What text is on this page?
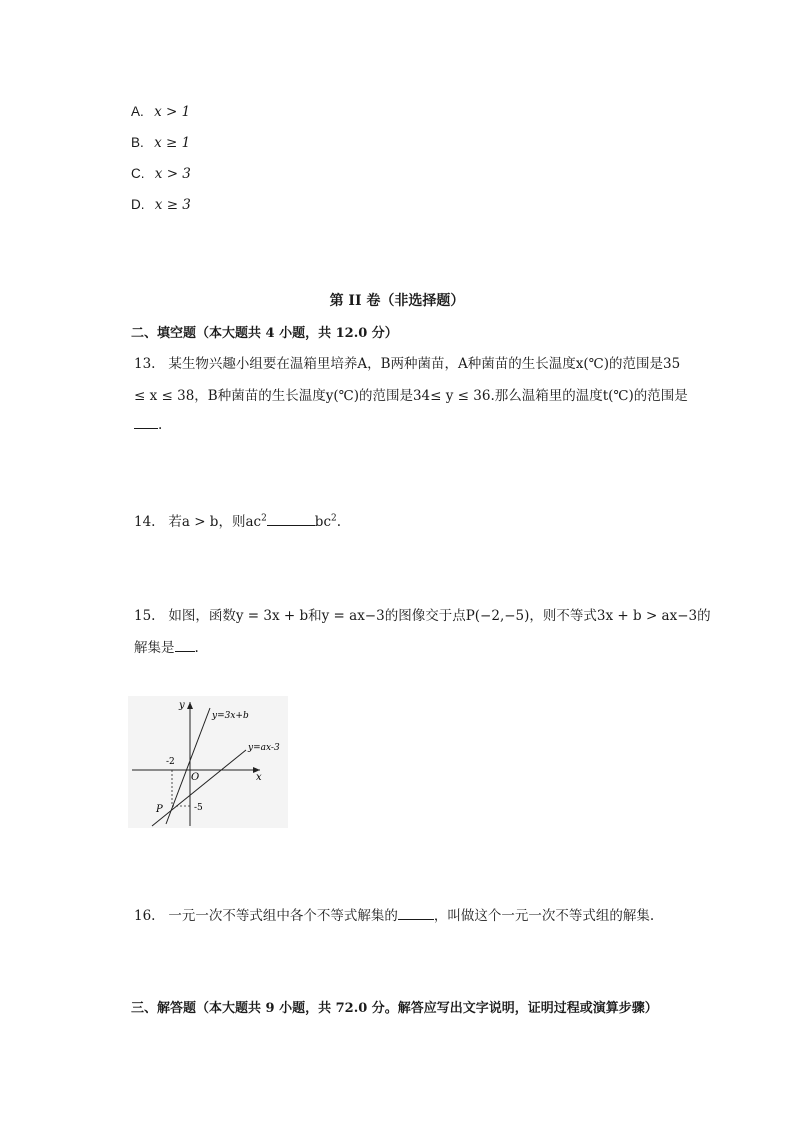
A. x > 1
B. x ≥ 1
C. x > 3
D. x ≥ 3
第 II 卷（非选择题）
二、填空题（本大题共 4 小题，共 12.0 分）
13. 某生物兴趣小组要在温箱里培养A，B两种菌苗，A种菌苗的生长温度x(℃)的范围是35
≤ x ≤ 38，B种菌苗的生长温度y(℃)的范围是34≤ y ≤ 36.那么温箱里的温度t(℃)的范围是
.
14. 若a > b，则$ac^2$	$bc^2$.
15. 如图，函数y = 3x + b和y = ax−3的图像交于点P(−2,−5)，则不等式3x + b > ax−3的
解集是 .
y
x
O
P
-2
-5
y=3x+b
y=ax-3
16. 一元一次不等式组中各个不等式解集的	，叫做这个一元一次不等式组的解集.
三、解答题（本大题共 9 小题，共 72.0 分。解答应写出文字说明，证明过程或演算步骤）
